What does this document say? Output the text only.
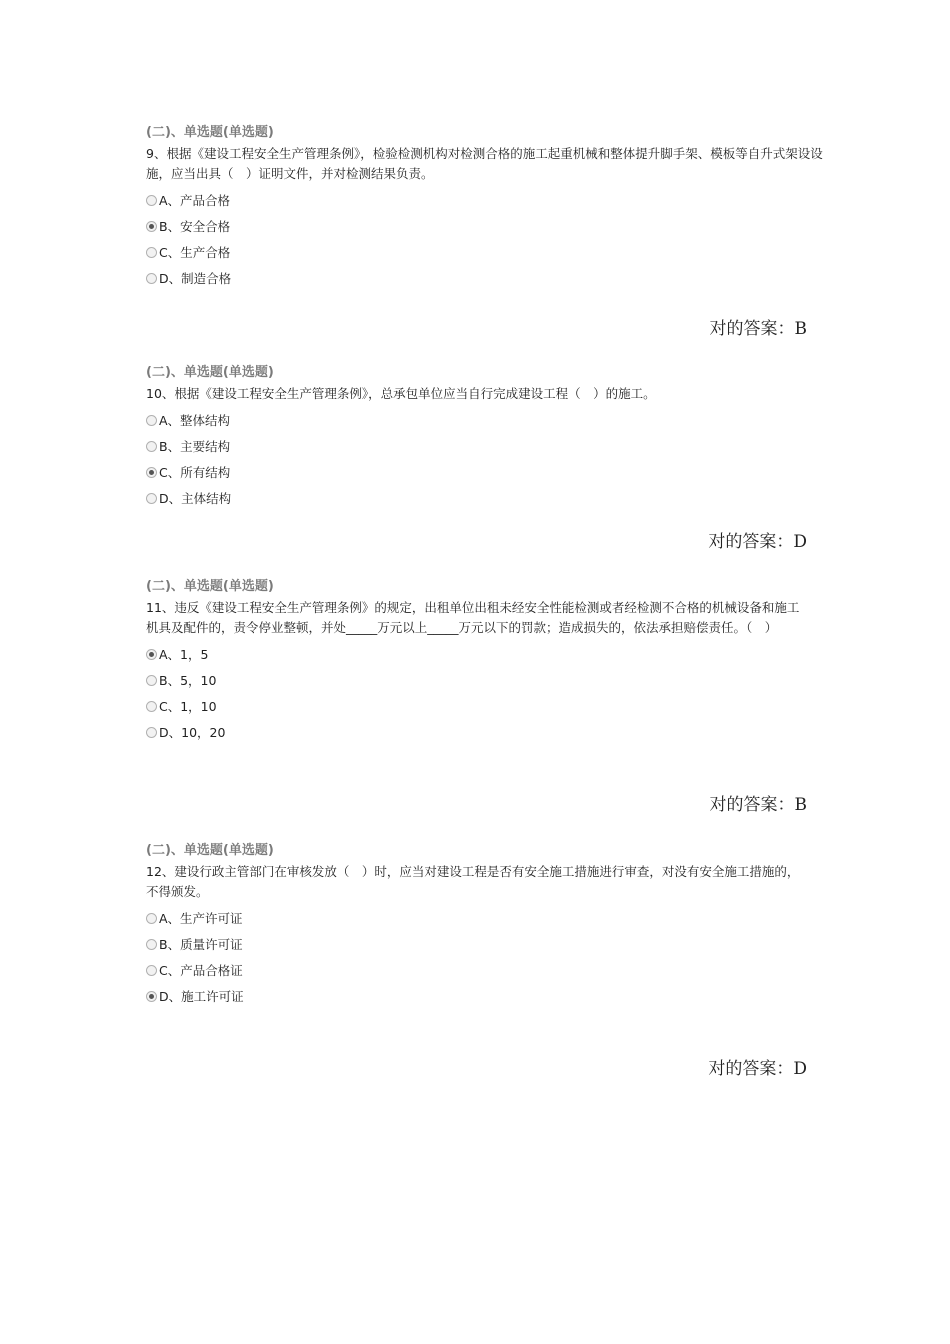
(二)、单选题(单选题)
9、根据《建设工程安全生产管理条例》，检验检测机构对检测合格的施工起重机械和整体提升脚手架、模板等自升式架设设施，应当出具（　）证明文件，并对检测结果负责。
A、产品合格
B、安全合格
C、生产合格
D、制造合格
对的答案：B
(二)、单选题(单选题)
10、根据《建设工程安全生产管理条例》，总承包单位应当自行完成建设工程（　）的施工。
A、整体结构
B、主要结构
C、所有结构
D、主体结构
对的答案：D
(二)、单选题(单选题)
11、违反《建设工程安全生产管理条例》的规定，出租单位出租未经安全性能检测或者经检测不合格的机械设备和施工机具及配件的，责令停业整顿，并处_____万元以上_____万元以下的罚款；造成损失的，依法承担赔偿责任。（　）
A、1，5
B、5，10
C、1，10
D、10，20
对的答案：B
(二)、单选题(单选题)
12、建设行政主管部门在审核发放（　）时，应当对建设工程是否有安全施工措施进行审查，对没有安全施工措施的，不得颁发。
A、生产许可证
B、质量许可证
C、产品合格证
D、施工许可证
对的答案：D
